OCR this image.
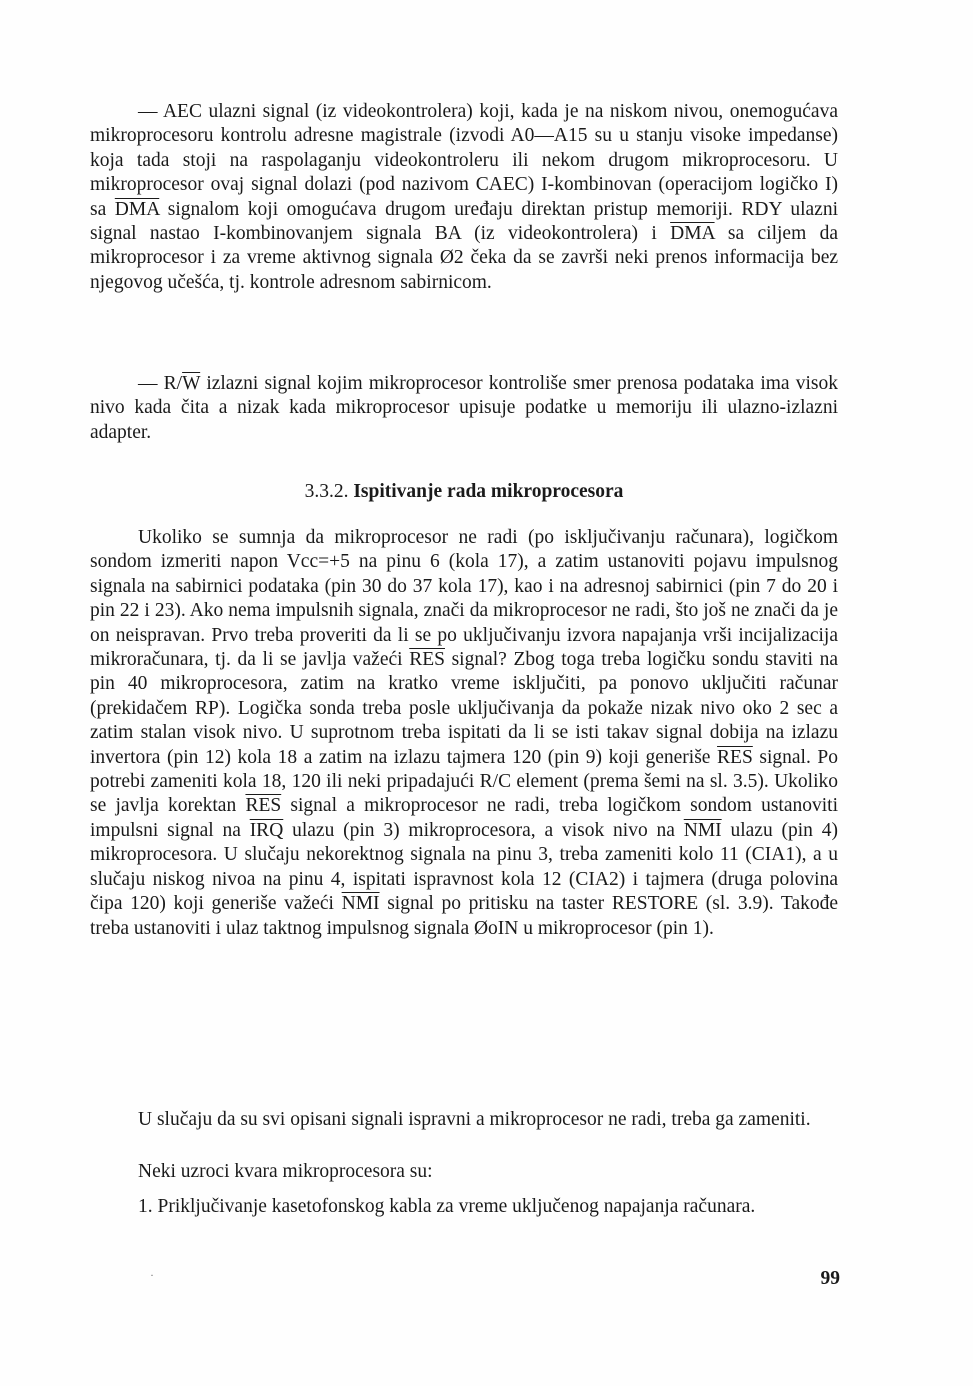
— AEC ulazni signal (iz videokontrolera) koji, kada je na niskom nivou, onemogućava mikroprocesoru kontrolu adresne magistrale (izvodi A0—A15 su u stanju visoke impedanse) koja tada stoji na raspolaganju videokontroleru ili nekom drugom mikroprocesoru. U mikroprocesor ovaj signal dolazi (pod nazivom CAEC) I-kombinovan (operacijom logičko I) sa $\overline{DMA}$ signalom koji omogućava drugom uređaju direktan pristup memoriji. RDY ulazni signal nastao I-kombinovanjem signala BA (iz videokontrolera) i $\overline{DMA}$ sa ciljem da mikroprocesor i za vreme aktivnog signala Ø2 čeka da se završi neki prenos informacija bez njegovog učešća, tj. kontrole adresnom sabirnicom.

— $R/\overline{W}$ izlazni signal kojim mikroprocesor kontroliše smer prenosa podataka ima visok nivo kada čita a nizak kada mikroprocesor upisuje podatke u memoriju ili ulazno-izlazni adapter.

3.3.2. Ispitivanje rada mikroprocesora

Ukoliko se sumnja da mikroprocesor ne radi (po isključivanju računara), logičkom sondom izmeriti napon Vcc=+5 na pinu 6 (kola 17), a zatim ustanoviti pojavu impulsnog signala na sabirnici podataka (pin 30 do 37 kola 17), kao i na adresnoj sabirnici (pin 7 do 20 i pin 22 i 23). Ako nema impulsnih signala, znači da mikroprocesor ne radi, što još ne znači da je on neispravan. Prvo treba proveriti da li se po uključivanju izvora napajanja vrši incijalizacija mikroračunara, tj. da li se javlja važeći $\overline{RES}$ signal? Zbog toga treba logičku sondu staviti na pin 40 mikroprocesora, zatim na kratko vreme isključiti, pa ponovo uključiti računar (prekidačem RP). Logička sonda treba posle uključivanja da pokaže nizak nivo oko 2 sec a zatim stalan visok nivo. U suprotnom treba ispitati da li se isti takav signal dobija na izlazu invertora (pin 12) kola 18 a zatim na izlazu tajmera 120 (pin 9) koji generiše $\overline{RES}$ signal. Po potrebi zameniti kola 18, 120 ili neki pripadajući R/C element (prema šemi na sl. 3.5). Ukoliko se javlja korektan $\overline{RES}$ signal a mikroprocesor ne radi, treba logičkom sondom ustanoviti impulsni signal na $\overline{IRQ}$ ulazu (pin 3) mikroprocesora, a visok nivo na $\overline{NMI}$ ulazu (pin 4) mikroprocesora. U slučaju nekorektnog signala na pinu 3, treba zameniti kolo 11 (CIA1), a u slučaju niskog nivoa na pinu 4, ispitati ispravnost kola 12 (CIA2) i tajmera (druga polovina čipa 120) koji generiše važeći $\overline{NMI}$ signal po pritisku na taster RESTORE (sl. 3.9). Takođe treba ustanoviti i ulaz taktnog impulsnog signala ØoIN u mikroprocesor (pin 1).

U slučaju da su svi opisani signali ispravni a mikroprocesor ne radi, treba ga zameniti.

Neki uzroci kvara mikroprocesora su:

1. Priključivanje kasetofonskog kabla za vreme uključenog napajanja računara.

·	99
